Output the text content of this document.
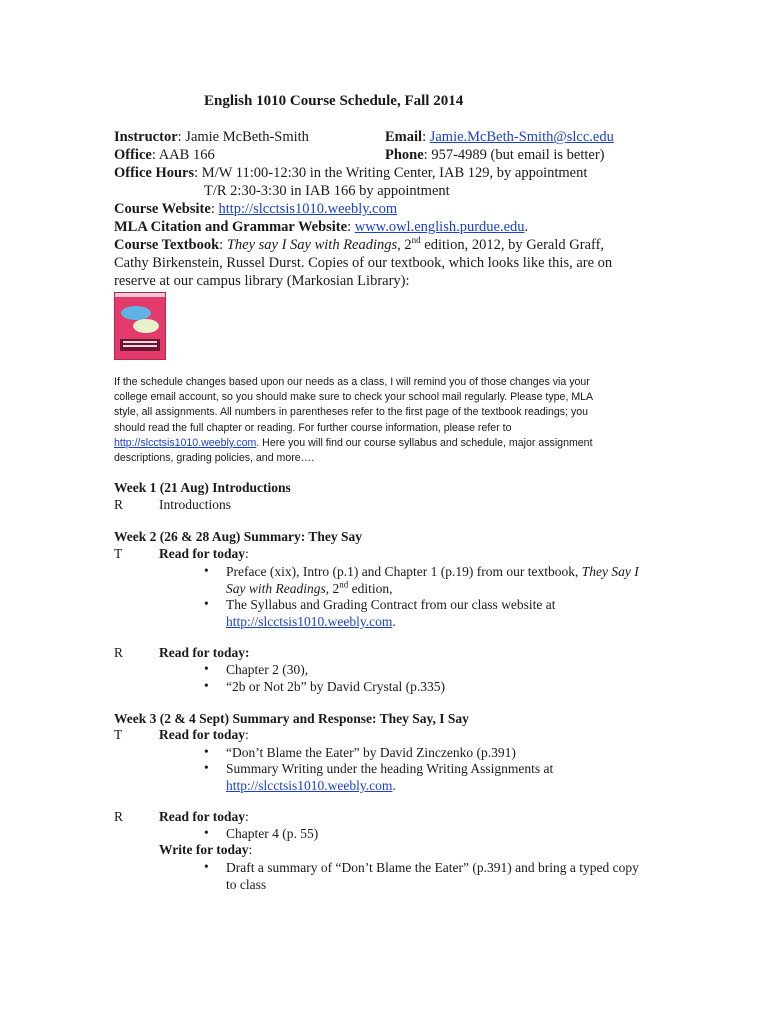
English 1010 Course Schedule, Fall 2014
Instructor: Jamie McBeth-Smith	Email: Jamie.McBeth-Smith@slcc.edu
Office: AAB 166	Phone: 957-4989 (but email is better)
Office Hours: M/W 11:00-12:30 in the Writing Center, IAB 129, by appointment
T/R 2:30-3:30 in IAB 166 by appointment
Course Website: http://slcctsis1010.weebly.com
MLA Citation and Grammar Website: www.owl.english.purdue.edu.
Course Textbook: They say I Say with Readings, 2nd edition, 2012, by Gerald Graff,
Cathy Birkenstein, Russel Durst. Copies of our textbook, which looks like this, are on
reserve at our campus library (Markosian Library):
If the schedule changes based upon our needs as a class, I will remind you of those changes via your
college email account, so you should make sure to check your school mail regularly. Please type, MLA
style, all assignments. All numbers in parentheses refer to the first page of the textbook readings; you
should read the full chapter or reading. For further course information, please refer to
http://slcctsis1010.weebly.com. Here you will find our course syllabus and schedule, major assignment
descriptions, grading policies, and more….
Week 1 (21 Aug) Introductions
R	Introductions
Week 2 (26 & 28 Aug) Summary: They Say
T	Read for today:
• Preface (xix), Intro (p.1) and Chapter 1 (p.19) from our textbook, They Say I Say with Readings, 2nd edition,
• The Syllabus and Grading Contract from our class website at
http://slcctsis1010.weebly.com.
R	Read for today:
• Chapter 2 (30),
• “2b or Not 2b” by David Crystal (p.335)
Week 3 (2 & 4 Sept) Summary and Response: They Say, I Say
T	Read for today:
• “Don’t Blame the Eater” by David Zinczenko (p.391)
• Summary Writing under the heading Writing Assignments at
http://slcctsis1010.weebly.com.
R	Read for today:
• Chapter 4 (p. 55)
Write for today:
• Draft a summary of “Don’t Blame the Eater” (p.391) and bring a typed copy
to class
